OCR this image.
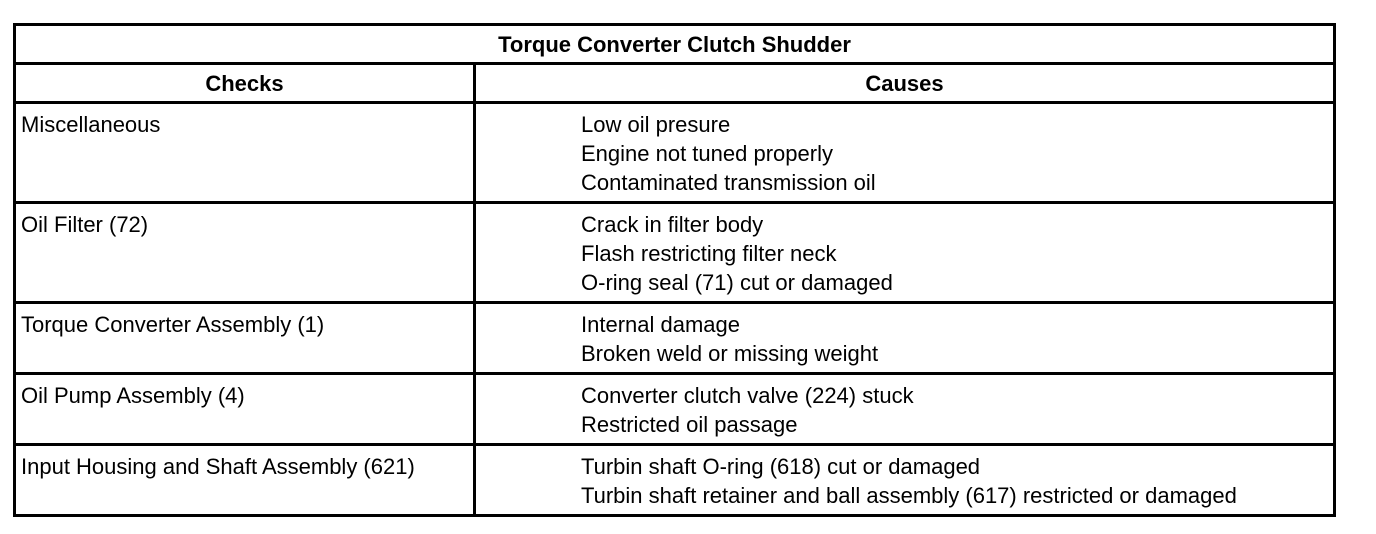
Torque Converter Clutch Shudder	
Checks	Causes
Miscellaneous	Low oil presure
Engine not tuned properly
Contaminated transmission oil

Oil Filter (72)	Crack in filter body
Flash restricting filter neck
O-ring seal (71) cut or damaged

Torque Converter Assembly (1)	Internal damage
Broken weld or missing weight

Oil Pump Assembly (4)	Converter clutch valve (224) stuck
Restricted oil passage

Input Housing and Shaft Assembly (621)	Turbin shaft O-ring (618) cut or damaged
Turbin shaft retainer and ball assembly (617) restricted or damaged
